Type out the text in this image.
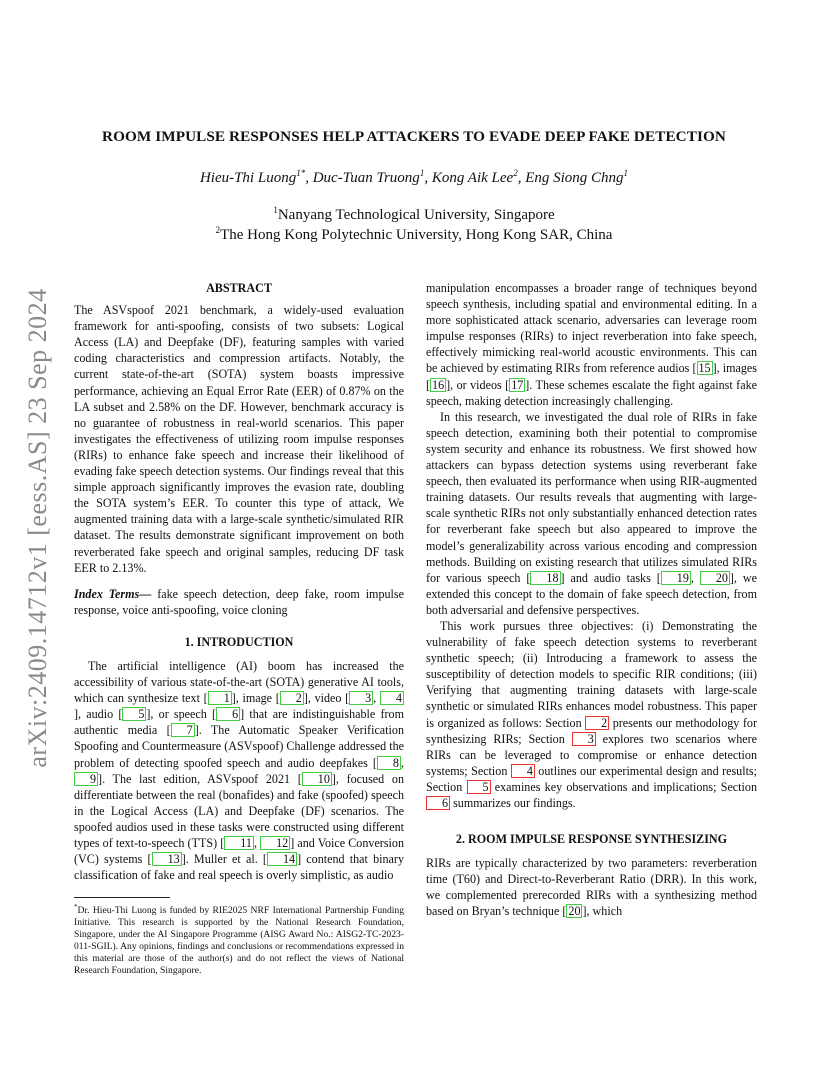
arXiv:2409.14712v1 [eess.AS] 23 Sep 2024
ROOM IMPULSE RESPONSES HELP ATTACKERS TO EVADE DEEP FAKE DETECTION
Hieu-Thi Luong$^{1*}$, Duc-Tuan Truong$^1$, Kong Aik Lee$^2$, Eng Siong Chng$^1$
$^1$Nanyang Technological University, Singapore
$^2$The Hong Kong Polytechnic University, Hong Kong SAR, China
ABSTRACT

The ASVspoof 2021 benchmark, a widely-used evaluation framework for anti-spoofing, consists of two subsets: Logical Access (LA) and Deepfake (DF), featuring samples with varied coding characteristics and compression artifacts. Notably, the current state-of-the-art (SOTA) system boasts impressive performance, achieving an Equal Error Rate (EER) of 0.87% on the LA subset and 2.58% on the DF. However, benchmark accuracy is no guarantee of robustness in real-world scenarios. This paper investigates the effectiveness of utilizing room impulse responses (RIRs) to enhance fake speech and increase their likelihood of evading fake speech detection systems. Our findings reveal that this simple approach significantly improves the evasion rate, doubling the SOTA system’s EER. To counter this type of attack, We augmented training data with a large-scale synthetic/simulated RIR dataset. The results demonstrate significant improvement on both reverberated fake speech and original samples, reducing DF task EER to 2.13%.

Index Terms— fake speech detection, deep fake, room impulse response, voice anti-spoofing, voice cloning

1. INTRODUCTION

The artificial intelligence (AI) boom has increased the accessibility of various state-of-the-art (SOTA) generative AI tools, which can synthesize text [ 1 ], image [ 2 ], video [ 3 , 4], audio [ 5 ], or speech [ 6 ] that are indistinguishable from authentic media [ 7 ]. The Automatic Speaker Verification Spoofing and Countermeasure (ASVspoof) Challenge addressed the problem of detecting spoofed speech and audio deepfakes [ 8 , 9 ]. The last edition, ASVspoof 2021 [ 10 ], focused on differentiate between the real (bonafides) and fake (spoofed) speech in the Logical Access (LA) and Deepfake (DF) scenarios. The spoofed audios used in these tasks were constructed using different types of text-to-speech (TTS) [ 11 , 12 ] and Voice Conversion (VC) systems [ 13 ]. Muller et al. [ 14 ] contend that binary classification of fake and real speech is overly simplistic, as audio

manipulation encompasses a broader range of techniques beyond speech synthesis, including spatial and environmental editing. In a more sophisticated attack scenario, adversaries can leverage room impulse responses (RIRs) to inject reverberation into fake speech, effectively mimicking real-world acoustic environments. This can be achieved by estimating RIRs from reference audios [ 15 ], images [ 16 ], or videos [ 17 ]. These schemes escalate the fight against fake speech, making detection increasingly challenging.

In this research, we investigated the dual role of RIRs in fake speech detection, examining both their potential to compromise system security and enhance its robustness. We first showed how attackers can bypass detection systems using reverberant fake speech, then evaluated its performance when using RIR-augmented training datasets. Our results reveals that augmenting with large-scale synthetic RIRs not only substantially enhanced detection rates for reverberant fake speech but also appeared to improve the model’s generalizability across various encoding and compression methods. Building on existing research that utilizes simulated RIRs for various speech [ 18 ] and audio tasks [ 19 , 20 ], we extended this concept to the domain of fake speech detection, from both adversarial and defensive perspectives.

This work pursues three objectives: (i) Demonstrating the vulnerability of fake speech detection systems to reverberant synthetic speech; (ii) Introducing a framework to assess the susceptibility of detection models to specific RIR conditions; (iii) Verifying that augmenting training datasets with large-scale synthetic or simulated RIRs enhances model robustness. This paper is organized as follows: Section 2 presents our methodology for synthesizing RIRs; Section 3 explores two scenarios where RIRs can be leveraged to compromise or enhance detection systems; Section 4 outlines our experimental design and results; Section 5 examines key observations and implications; Section 6 summarizes our findings.

2. ROOM IMPULSE RESPONSE SYNTHESIZING

RIRs are typically characterized by two parameters: reverberation time (T60) and Direct-to-Reverberant Ratio (DRR). In this work, we complemented prerecorded RIRs with a synthesizing method based on Bryan’s technique [ 20 ], which

*Dr. Hieu-Thi Luong is funded by RIE2025 NRF International Partnership Funding Initiative. This research is supported by the National Research Foundation, Singapore, under the AI Singapore Programme (AISG Award No.: AISG2-TC-2023-011-SGIL). Any opinions, findings and conclusions or recommendations expressed in this material are those of the author(s) and do not reflect the views of National Research Foundation, Singapore.
